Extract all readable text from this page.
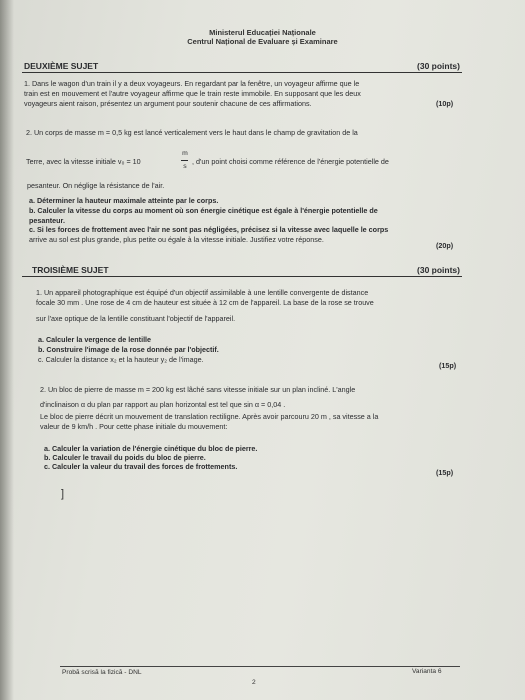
Ministerul Educației Naționale
Centrul Național de Evaluare și Examinare
DEUXIÈME SUJET	(30 points)
1. Dans le wagon d'un train il y a deux voyageurs. En regardant par la fenêtre, un voyageur affirme que le
train est en mouvement et l'autre voyageur affirme que le train reste immobile. En supposant que les deux
voyageurs aient raison, présentez un argument pour soutenir chacune de ces affirmations.	(10p)
2. Un corps de masse m = 0,5 kg est lancé verticalement vers le haut dans le champ de gravitation de la
Terre, avec la vitesse initiale v₀ = 10
m
s
, d'un point choisi comme référence de l'énergie potentielle de
pesanteur. On néglige la résistance de l'air.
a. Déterminer la hauteur maximale atteinte par le corps.
b. Calculer la vitesse du corps au moment où son énergie cinétique est égale à l'énergie potentielle de
pesanteur.
c. Si les forces de frottement avec l'air ne sont pas négligées, précisez si la vitesse avec laquelle le corps
arrive au sol est plus grande, plus petite ou égale à la vitesse initiale. Justifiez votre réponse.
(20p)
TROISIÈME SUJET	(30 points)
1. Un appareil photographique est équipé d'un objectif assimilable à une lentille convergente de distance
focale 30 mm . Une rose de 4 cm de hauteur est située à 12 cm de l'appareil. La base de la rose se trouve
sur l'axe optique de la lentille constituant l'objectif de l'appareil.
a. Calculer la vergence de lentille
b. Construire l'image de la rose donnée par l'objectif.
c. Calculer la distance x₂ et la hauteur y₂ de l'image.
(15p)
2. Un bloc de pierre de masse m = 200 kg est lâché sans vitesse initiale sur un plan incliné. L'angle
d'inclinaison α du plan par rapport au plan horizontal est tel que sin α = 0,04 .
Le bloc de pierre décrit un mouvement de translation rectiligne. Après avoir parcouru 20 m , sa vitesse a la
valeur de 9 km/h . Pour cette phase initiale du mouvement:
a. Calculer la variation de l'énergie cinétique du bloc de pierre.
b. Calculer le travail du poids du bloc de pierre.
c. Calculer la valeur du travail des forces de frottements.
(15p)
]
Probă scrisă la fizică - DNL	Varianta 6
2
